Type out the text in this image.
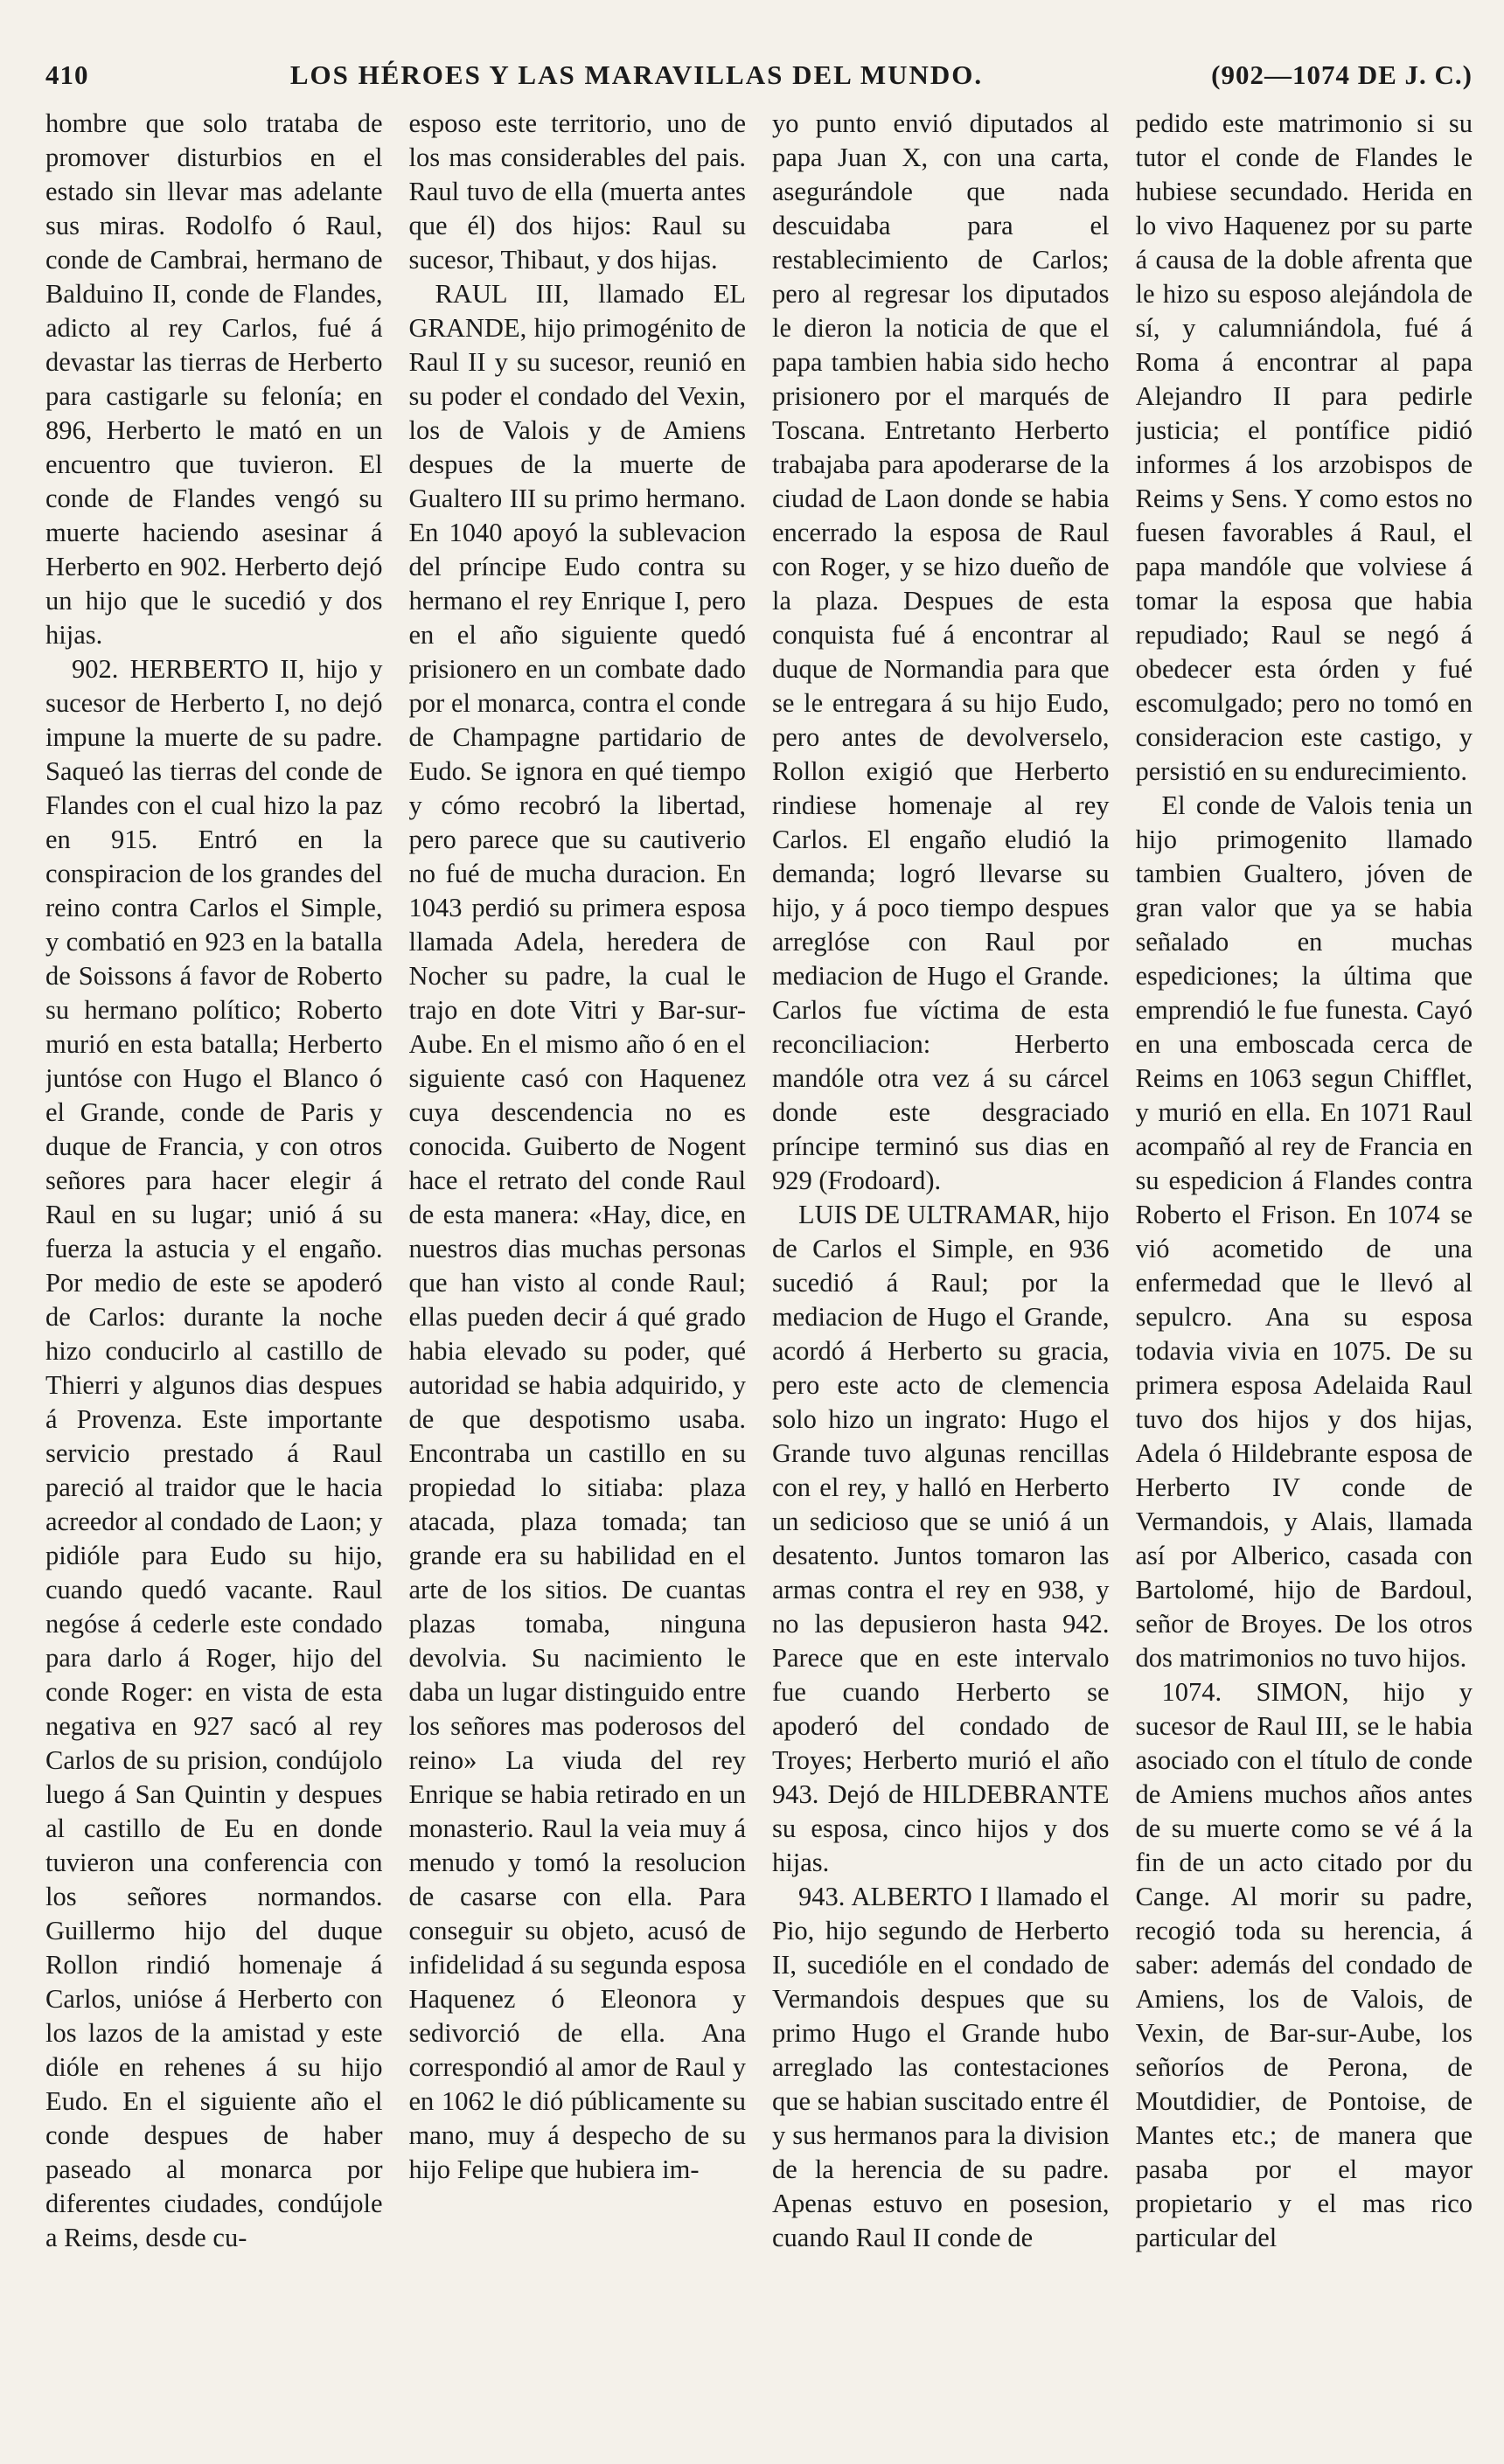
410	LOS HÉROES Y LAS MARAVILLAS DEL MUNDO.	(902—1074 DE J. C.)

hombre que solo trataba de promover disturbios en el estado sin llevar mas adelante sus miras. Rodolfo ó Raul, conde de Cambrai, hermano de Balduino II, conde de Flandes, adicto al rey Carlos, fué á devastar las tierras de Herberto para castigarle su felonía; en 896, Herberto le mató en un encuentro que tuvieron. El conde de Flandes vengó su muerte haciendo asesinar á Herberto en 902. Herberto dejó un hijo que le sucedió y dos hijas.

902. HERBERTO II, hijo y sucesor de Herberto I, no dejó impune la muerte de su padre. Saqueó las tierras del conde de Flandes con el cual hizo la paz en 915. Entró en la conspiracion de los grandes del reino contra Carlos el Simple, y combatió en 923 en la batalla de Soissons á favor de Roberto su hermano político; Roberto murió en esta batalla; Herberto juntóse con Hugo el Blanco ó el Grande, conde de Paris y duque de Francia, y con otros señores para hacer elegir á Raul en su lugar; unió á su fuerza la astucia y el engaño. Por medio de este se apoderó de Carlos: durante la noche hizo conducirlo al castillo de Thierri y algunos dias despues á Provenza. Este importante servicio prestado á Raul pareció al traidor que le hacia acreedor al condado de Laon; y pidióle para Eudo su hijo, cuando quedó vacante. Raul negóse á cederle este condado para darlo á Roger, hijo del conde Roger: en vista de esta negativa en 927 sacó al rey Carlos de su prision, condújolo luego á San Quintin y despues al castillo de Eu en donde tuvieron una conferencia con los señores normandos. Guillermo hijo del duque Rollon rindió homenaje á Carlos, unióse á Herberto con los lazos de la amistad y este dióle en rehenes á su hijo Eudo. En el siguiente año el conde despues de haber paseado al monarca por diferentes ciudades, condújole a Reims, desde cu-

esposo este territorio, uno de los mas considerables del pais. Raul tuvo de ella (muerta antes que él) dos hijos: Raul su sucesor, Thibaut, y dos hijas.

RAUL III, llamado EL GRANDE, hijo primogénito de Raul II y su sucesor, reunió en su poder el condado del Vexin, los de Valois y de Amiens despues de la muerte de Gualtero III su primo hermano. En 1040 apoyó la sublevacion del príncipe Eudo contra su hermano el rey Enrique I, pero en el año siguiente quedó prisionero en un combate dado por el monarca, contra el conde de Champagne partidario de Eudo. Se ignora en qué tiempo y cómo recobró la libertad, pero parece que su cautiverio no fué de mucha duracion. En 1043 perdió su primera esposa llamada Adela, heredera de Nocher su padre, la cual le trajo en dote Vitri y Bar-sur-Aube. En el mismo año ó en el siguiente casó con Haquenez cuya descendencia no es conocida. Guiberto de Nogent hace el retrato del conde Raul de esta manera: «Hay, dice, en nuestros dias muchas personas que han visto al conde Raul; ellas pueden decir á qué grado habia elevado su poder, qué autoridad se habia adquirido, y de que despotismo usaba. Encontraba un castillo en su propiedad lo sitiaba: plaza atacada, plaza tomada; tan grande era su habilidad en el arte de los sitios. De cuantas plazas tomaba, ninguna devolvia. Su nacimiento le daba un lugar distinguido entre los señores mas poderosos del reino» La viuda del rey Enrique se habia retirado en un monasterio. Raul la veia muy á menudo y tomó la resolucion de casarse con ella. Para conseguir su objeto, acusó de infidelidad á su segunda esposa Haquenez ó Eleonora y sedivorció de ella. Ana correspondió al amor de Raul y en 1062 le dió públicamente su mano, muy á despecho de su hijo Felipe que hubiera im-

yo punto envió diputados al papa Juan X, con una carta, asegurándole que nada descuidaba para el restablecimiento de Carlos; pero al regresar los diputados le dieron la noticia de que el papa tambien habia sido hecho prisionero por el marqués de Toscana. Entretanto Herberto trabajaba para apoderarse de la ciudad de Laon donde se habia encerrado la esposa de Raul con Roger, y se hizo dueño de la plaza. Despues de esta conquista fué á encontrar al duque de Normandia para que se le entregara á su hijo Eudo, pero antes de devolverselo, Rollon exigió que Herberto rindiese homenaje al rey Carlos. El engaño eludió la demanda; logró llevarse su hijo, y á poco tiempo despues arreglóse con Raul por mediacion de Hugo el Grande. Carlos fue víctima de esta reconciliacion: Herberto mandóle otra vez á su cárcel donde este desgraciado príncipe terminó sus dias en 929 (Frodoard).

LUIS DE ULTRAMAR, hijo de Carlos el Simple, en 936 sucedió á Raul; por la mediacion de Hugo el Grande, acordó á Herberto su gracia, pero este acto de clemencia solo hizo un ingrato: Hugo el Grande tuvo algunas rencillas con el rey, y halló en Herberto un sedicioso que se unió á un desatento. Juntos tomaron las armas contra el rey en 938, y no las depusieron hasta 942. Parece que en este intervalo fue cuando Herberto se apoderó del condado de Troyes; Herberto murió el año 943. Dejó de HILDEBRANTE su esposa, cinco hijos y dos hijas.

943. ALBERTO I llamado el Pio, hijo segundo de Herberto II, sucedióle en el condado de Vermandois despues que su primo Hugo el Grande hubo arreglado las contestaciones que se habian suscitado entre él y sus hermanos para la division de la herencia de su padre. Apenas estuvo en posesion, cuando Raul II conde de

pedido este matrimonio si su tutor el conde de Flandes le hubiese secundado. Herida en lo vivo Haquenez por su parte á causa de la doble afrenta que le hizo su esposo alejándola de sí, y calumniándola, fué á Roma á encontrar al papa Alejandro II para pedirle justicia; el pontífice pidió informes á los arzobispos de Reims y Sens. Y como estos no fuesen favorables á Raul, el papa mandóle que volviese á tomar la esposa que habia repudiado; Raul se negó á obedecer esta órden y fué escomulgado; pero no tomó en consideracion este castigo, y persistió en su endurecimiento.

El conde de Valois tenia un hijo primogenito llamado tambien Gualtero, jóven de gran valor que ya se habia señalado en muchas espediciones; la última que emprendió le fue funesta. Cayó en una emboscada cerca de Reims en 1063 segun Chifflet, y murió en ella. En 1071 Raul acompañó al rey de Francia en su espedicion á Flandes contra Roberto el Frison. En 1074 se vió acometido de una enfermedad que le llevó al sepulcro. Ana su esposa todavia vivia en 1075. De su primera esposa Adelaida Raul tuvo dos hijos y dos hijas, Adela ó Hildebrante esposa de Herberto IV conde de Vermandois, y Alais, llamada así por Alberico, casada con Bartolomé, hijo de Bardoul, señor de Broyes. De los otros dos matrimonios no tuvo hijos.

1074. SIMON, hijo y sucesor de Raul III, se le habia asociado con el título de conde de Amiens muchos años antes de su muerte como se vé á la fin de un acto citado por du Cange. Al morir su padre, recogió toda su herencia, á saber: además del condado de Amiens, los de Valois, de Vexin, de Bar-sur-Aube, los señoríos de Perona, de Moutdidier, de Pontoise, de Mantes etc.; de manera que pasaba por el mayor propietario y el mas rico particular del
